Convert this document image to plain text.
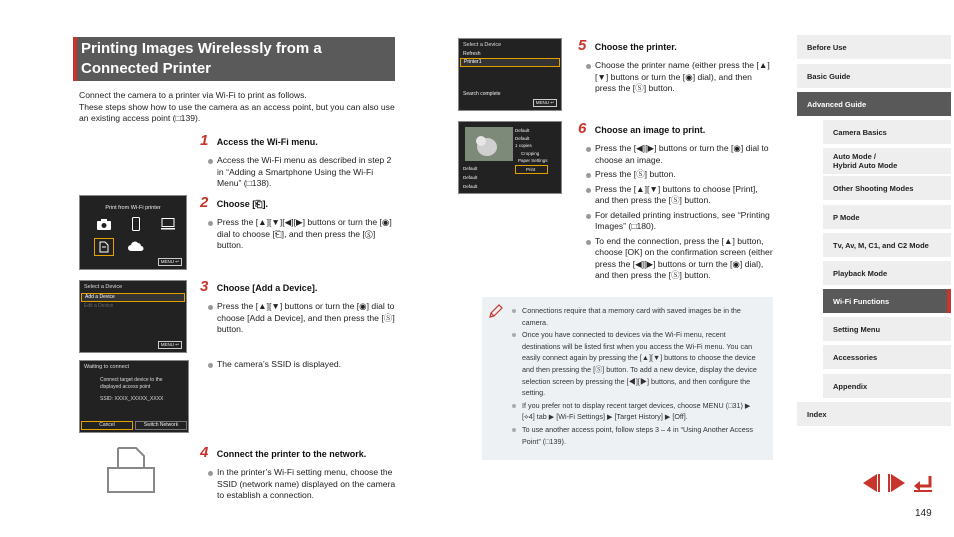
Printing Images Wirelessly from a
Connected Printer
Connect the camera to a printer via Wi-Fi to print as follows.
These steps show how to use the camera as an access point, but you can also use an existing access point (□139).
Print from Wi-Fi printer
MENU ↩
Select a Device
Add a Device
Edit a Device
MENU ↩
Waiting to connect
Connect target device to the
displayed access point
SSID: XXXX_XXXXX_XXXX
Cancel	Switch Network
1 Access the Wi-Fi menu.
Access the Wi-Fi menu as described in step 2 in “Adding a Smartphone Using the Wi-Fi Menu” (□138).
2 Choose [⎗].
Press the [▲][▼][◀][▶] buttons or turn the [◉] dial to choose [⎗], and then press the [Ⓢ] button.
3 Choose [Add a Device].
Press the [▲][▼] buttons or turn the [◉] dial to choose [Add a Device], and then press the [Ⓢ] button.
The camera’s SSID is displayed.
4 Connect the printer to the network.
In the printer’s Wi-Fi setting menu, choose the SSID (network name) displayed on the camera to establish a connection.
Select a Device
Refresh
Printer1
Search complete
MENU ↩
Default
Default
1 copies
Cropping
Paper Settings
Print
Default
Default
Default
5 Choose the printer.
Choose the printer name (either press the [▲][▼] buttons or turn the [◉] dial), and then press the [Ⓢ] button.
6 Choose an image to print.
Press the [◀][▶] buttons or turn the [◉] dial to choose an image.
Press the [Ⓢ] button.
Press the [▲][▼] buttons to choose [Print], and then press the [Ⓢ] button.
For detailed printing instructions, see “Printing Images” (□180).
To end the connection, press the [▲] button, choose [OK] on the confirmation screen (either press the [◀][▶] buttons or turn the [◉] dial), and then press the [Ⓢ] button.
Connections require that a memory card with saved images be in the camera.
Once you have connected to devices via the Wi-Fi menu, recent destinations will be listed first when you access the Wi-Fi menu. You can easily connect again by pressing the [▲][▼] buttons to choose the device and then pressing the [Ⓢ] button. To add a new device, display the device selection screen by pressing the [◀][▶] buttons, and then configure the setting.
If you prefer not to display recent target devices, choose MENU (□31) ▶ [⟡4] tab ▶ [Wi-Fi Settings] ▶ [Target History] ▶ [Off].
To use another access point, follow steps 3 – 4 in “Using Another Access Point” (□139).
Before Use
Basic Guide
Advanced Guide
Camera Basics
Auto Mode /
Hybrid Auto Mode
Other Shooting Modes
P Mode
Tv, Av, M, C1, and C2 Mode
Playback Mode
Wi-Fi Functions
Setting Menu
Accessories
Appendix
Index
149
